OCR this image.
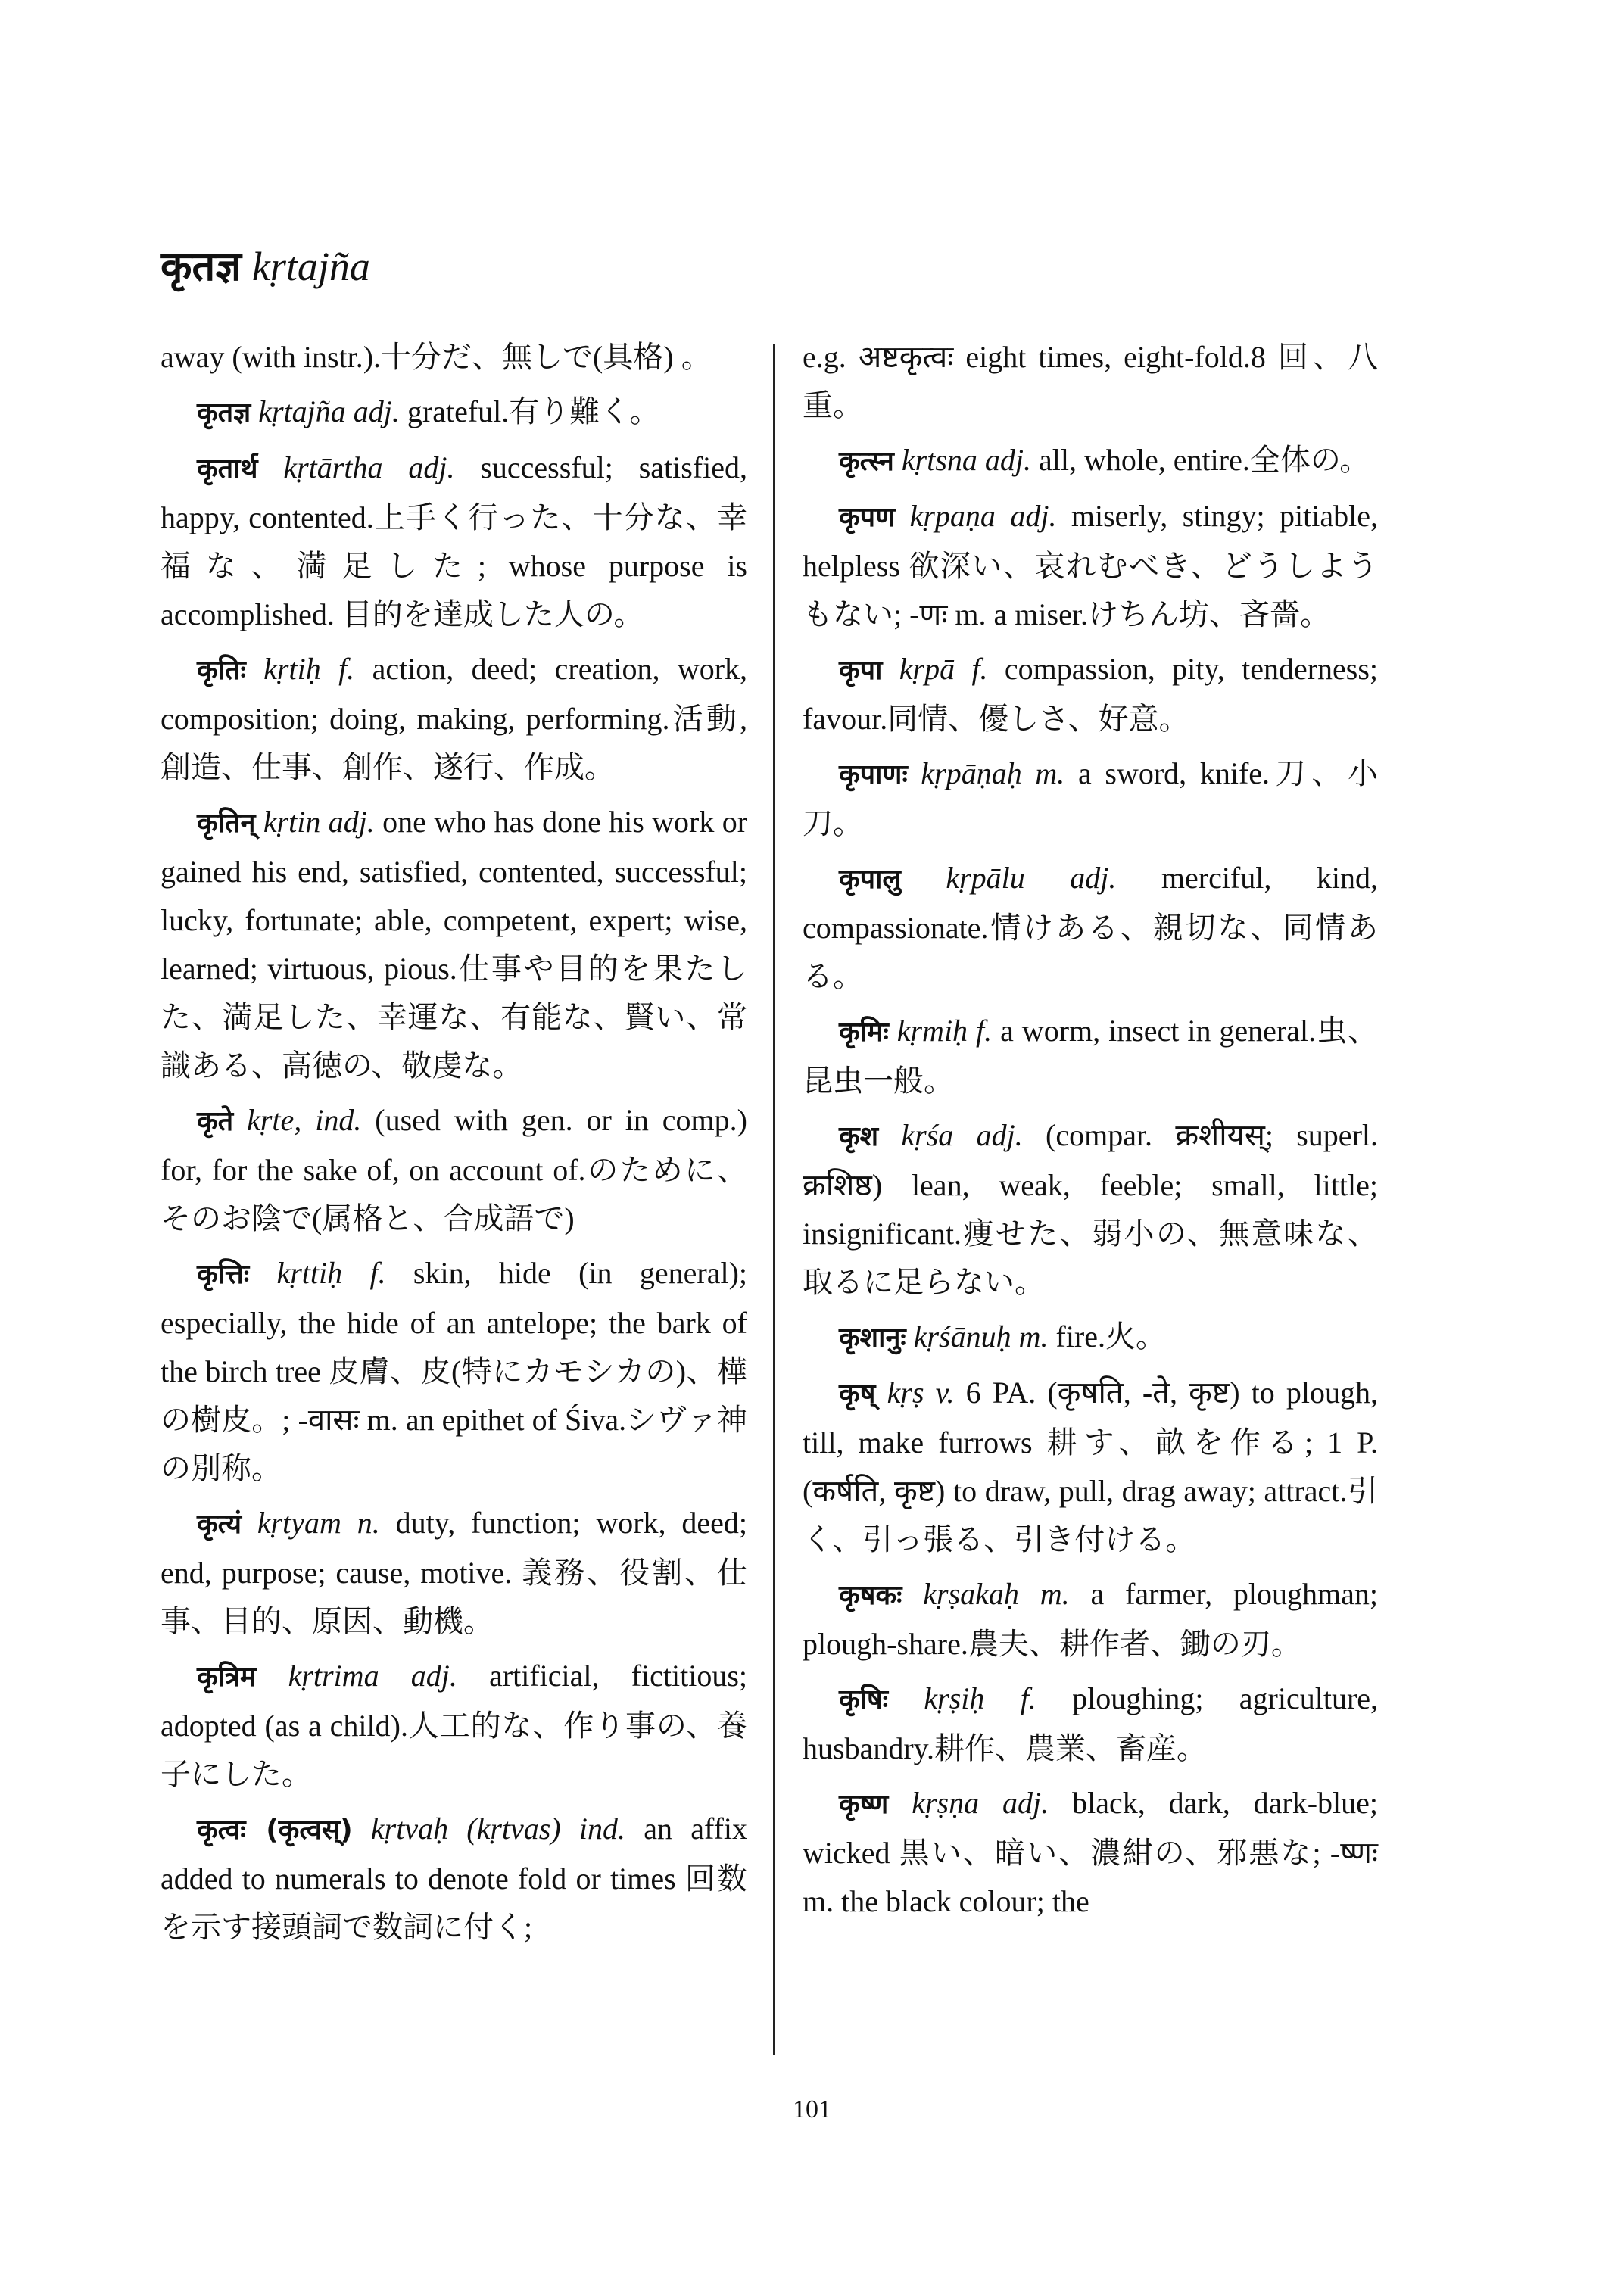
कृतज्ञ kṛtajña

away (with instr.).十分だ、無しで(具格) 。

कृतज्ञ kṛtajña adj. grateful.有り難く。

कृतार्थ kṛtārtha adj. successful; satisfied, happy, contented.上手く行った、十分な、幸福な、満足した; whose purpose is accomplished. 目的を達成した人の。

कृतिः kṛtiḥ f. action, deed; creation, work, composition; doing, making, performing.活動,創造、仕事、創作、遂行、作成。

कृतिन् kṛtin adj. one who has done his work or gained his end, satisfied, contented, successful; lucky, fortunate; able, competent, expert; wise, learned; virtuous, pious.仕事や目的を果たした、満足した、幸運な、有能な、賢い、常識ある、高徳の、敬虔な。

कृते kṛte, ind. (used with gen. or in comp.) for, for the sake of, on account of.のために、そのお陰で(属格と、合成語で)

कृत्तिः kṛttiḥ f. skin, hide (in general); especially, the hide of an antelope; the bark of the birch tree 皮膚、皮(特にカモシカの)、樺の樹皮。; -वासः m. an epithet of Śiva.シヴァ神の別称。

कृत्यं kṛtyam n. duty, function; work, deed; end, purpose; cause, motive. 義務、役割、仕事、目的、原因、動機。

कृत्रिम kṛtrima adj. artificial, fictitious; adopted (as a child).人工的な、作り事の、養子にした。

कृत्वः (कृत्वस्) kṛtvaḥ (kṛtvas) ind. an affix added to numerals to denote fold or times 回数を示す接頭詞で数詞に付く;

e.g. अष्टकृत्वः eight times, eight-fold.8 回、八重。

कृत्स्न kṛtsna adj. all, whole, entire.全体の。

कृपण kṛpaṇa adj. miserly, stingy; pitiable, helpless 欲深い、哀れむべき、どうしようもない; -णः m. a miser.けちん坊、吝嗇。

कृपा kṛpā f. compassion, pity, tenderness; favour.同情、優しさ、好意。

कृपाणः kṛpāṇaḥ m. a sword, knife.刀、小刀。

कृपालु kṛpālu adj. merciful, kind, compassionate.情けある、親切な、同情ある。

कृमिः kṛmiḥ f. a worm, insect in general.虫、昆虫一般。

कृश kṛśa adj. (compar. क्रशीयस्; superl. क्रशिष्ठ) lean, weak, feeble; small, little; insignificant.痩せた、弱小の、無意味な、取るに足らない。

कृशानुः kṛśānuḥ m. fire.火。

कृष् kṛṣ v. 6 PA. (कृषति, -ते, कृष्ट) to plough, till, make furrows 耕す、畝を作る; 1 P. (कर्षति, कृष्ट) to draw, pull, drag away; attract.引く、引っ張る、引き付ける。

कृषकः kṛṣakaḥ m. a farmer, ploughman; plough-share.農夫、耕作者、鋤の刃。

कृषिः kṛṣiḥ f. ploughing; agriculture, husbandry.耕作、農業、畜産。

कृष्ण kṛṣṇa adj. black, dark, dark-blue; wicked 黒い、暗い、濃紺の、邪悪な; -ष्णः m. the black colour; the

101
